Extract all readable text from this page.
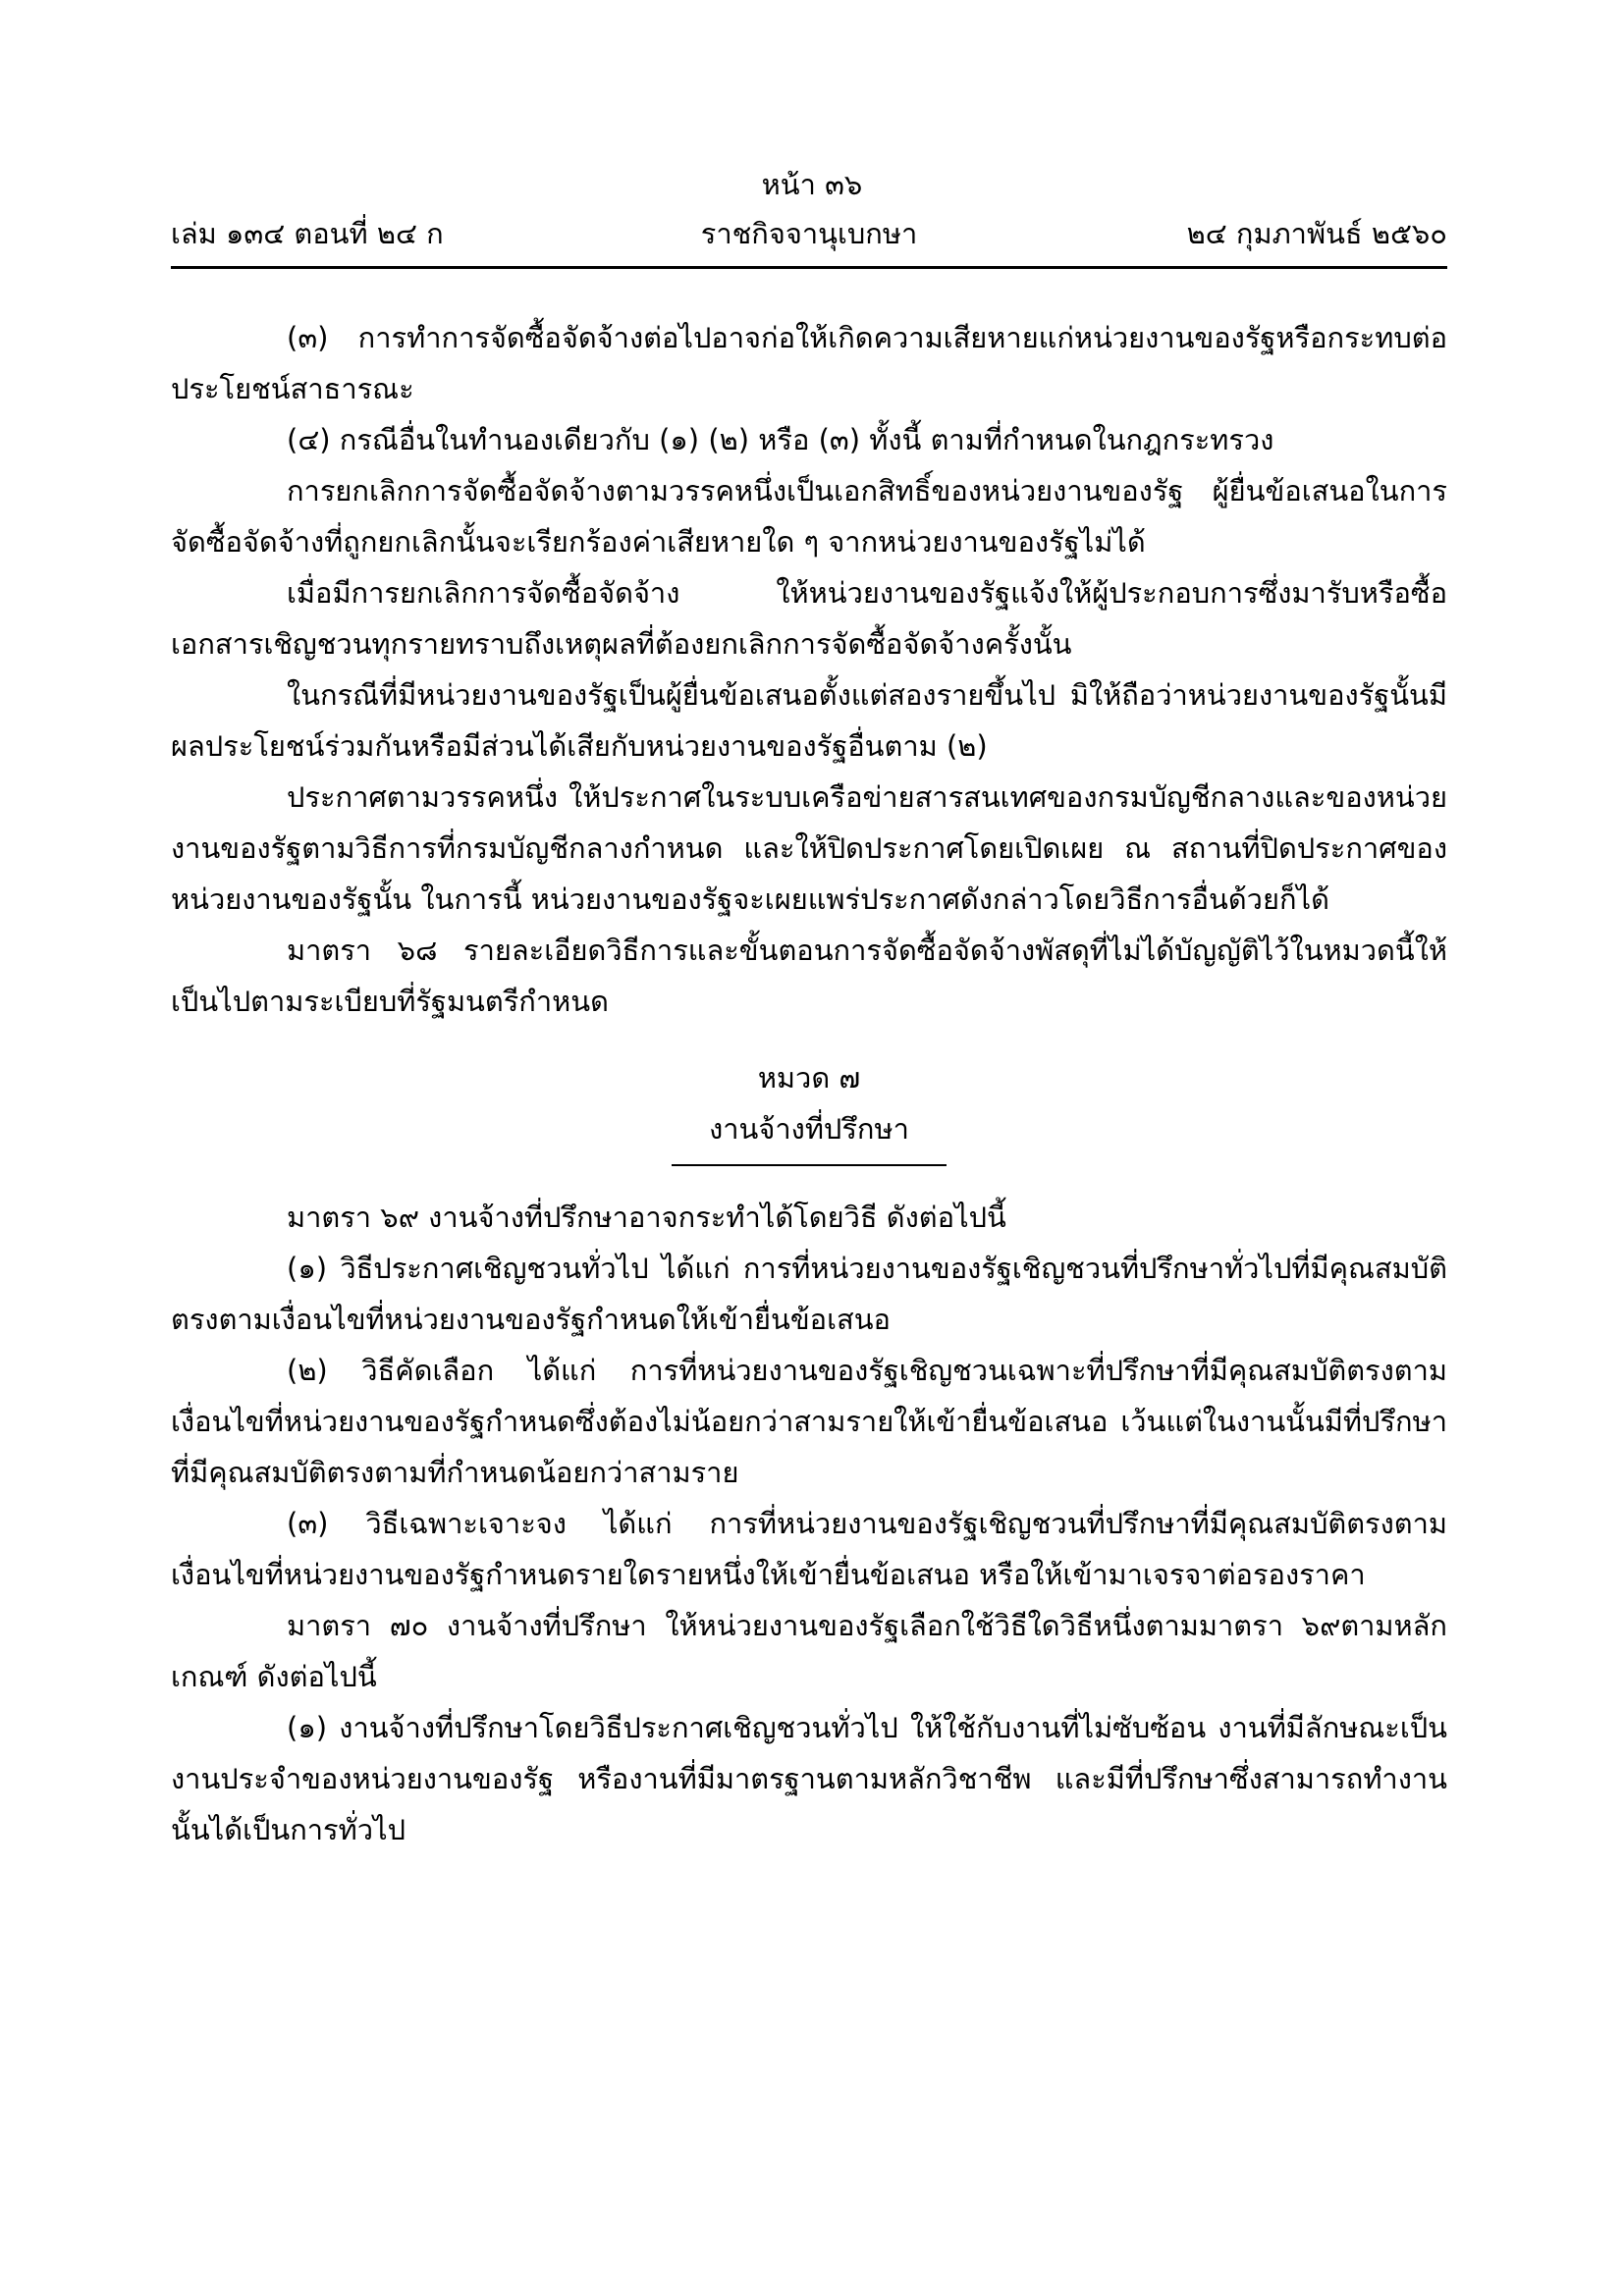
หน้า ๓๖
ราชกิจจานุเบกษา
เล่ม ๑๓๔ ตอนที่ ๒๔ ก	๒๔ กุมภาพันธ์ ๒๕๖๐

(๓) การทำการจัดซื้อจัดจ้างต่อไปอาจก่อให้เกิดความเสียหายแก่หน่วยงานของรัฐหรือกระทบต่อประโยชน์สาธารณะ

(๔) กรณีอื่นในทำนองเดียวกับ (๑) (๒) หรือ (๓) ทั้งนี้ ตามที่กำหนดในกฎกระทรวง

การยกเลิกการจัดซื้อจัดจ้างตามวรรคหนึ่งเป็นเอกสิทธิ์ของหน่วยงานของรัฐ ผู้ยื่นข้อเสนอในการจัดซื้อจัดจ้างที่ถูกยกเลิกนั้นจะเรียกร้องค่าเสียหายใด ๆ จากหน่วยงานของรัฐไม่ได้

เมื่อมีการยกเลิกการจัดซื้อจัดจ้าง ให้หน่วยงานของรัฐแจ้งให้ผู้ประกอบการซึ่งมารับหรือซื้อเอกสารเชิญชวนทุกรายทราบถึงเหตุผลที่ต้องยกเลิกการจัดซื้อจัดจ้างครั้งนั้น

ในกรณีที่มีหน่วยงานของรัฐเป็นผู้ยื่นข้อเสนอตั้งแต่สองรายขึ้นไป มิให้ถือว่าหน่วยงานของรัฐนั้นมีผลประโยชน์ร่วมกันหรือมีส่วนได้เสียกับหน่วยงานของรัฐอื่นตาม (๒)

ประกาศตามวรรคหนึ่ง ให้ประกาศในระบบเครือข่ายสารสนเทศของกรมบัญชีกลางและของหน่วยงานของรัฐตามวิธีการที่กรมบัญชีกลางกำหนด และให้ปิดประกาศโดยเปิดเผย ณ สถานที่ปิดประกาศของหน่วยงานของรัฐนั้น ในการนี้ หน่วยงานของรัฐจะเผยแพร่ประกาศดังกล่าวโดยวิธีการอื่นด้วยก็ได้

มาตรา ๖๘ รายละเอียดวิธีการและขั้นตอนการจัดซื้อจัดจ้างพัสดุที่ไม่ได้บัญญัติไว้ในหมวดนี้ให้เป็นไปตามระเบียบที่รัฐมนตรีกำหนด

หมวด ๗

งานจ้างที่ปรึกษา

มาตรา ๖๙ งานจ้างที่ปรึกษาอาจกระทำได้โดยวิธี ดังต่อไปนี้

(๑) วิธีประกาศเชิญชวนทั่วไป ได้แก่ การที่หน่วยงานของรัฐเชิญชวนที่ปรึกษาทั่วไปที่มีคุณสมบัติตรงตามเงื่อนไขที่หน่วยงานของรัฐกำหนดให้เข้ายื่นข้อเสนอ

(๒) วิธีคัดเลือก ได้แก่ การที่หน่วยงานของรัฐเชิญชวนเฉพาะที่ปรึกษาที่มีคุณสมบัติตรงตามเงื่อนไขที่หน่วยงานของรัฐกำหนดซึ่งต้องไม่น้อยกว่าสามรายให้เข้ายื่นข้อเสนอ เว้นแต่ในงานนั้นมีที่ปรึกษาที่มีคุณสมบัติตรงตามที่กำหนดน้อยกว่าสามราย

(๓) วิธีเฉพาะเจาะจง ได้แก่ การที่หน่วยงานของรัฐเชิญชวนที่ปรึกษาที่มีคุณสมบัติตรงตามเงื่อนไขที่หน่วยงานของรัฐกำหนดรายใดรายหนึ่งให้เข้ายื่นข้อเสนอ หรือให้เข้ามาเจรจาต่อรองราคา

มาตรา ๗๐ งานจ้างที่ปรึกษา ให้หน่วยงานของรัฐเลือกใช้วิธีใดวิธีหนึ่งตามมาตรา ๖๙ตามหลักเกณฑ์ ดังต่อไปนี้

(๑) งานจ้างที่ปรึกษาโดยวิธีประกาศเชิญชวนทั่วไป ให้ใช้กับงานที่ไม่ซับซ้อน งานที่มีลักษณะเป็นงานประจำของหน่วยงานของรัฐ หรืองานที่มีมาตรฐานตามหลักวิชาชีพ และมีที่ปรึกษาซึ่งสามารถทำงานนั้นได้เป็นการทั่วไป
